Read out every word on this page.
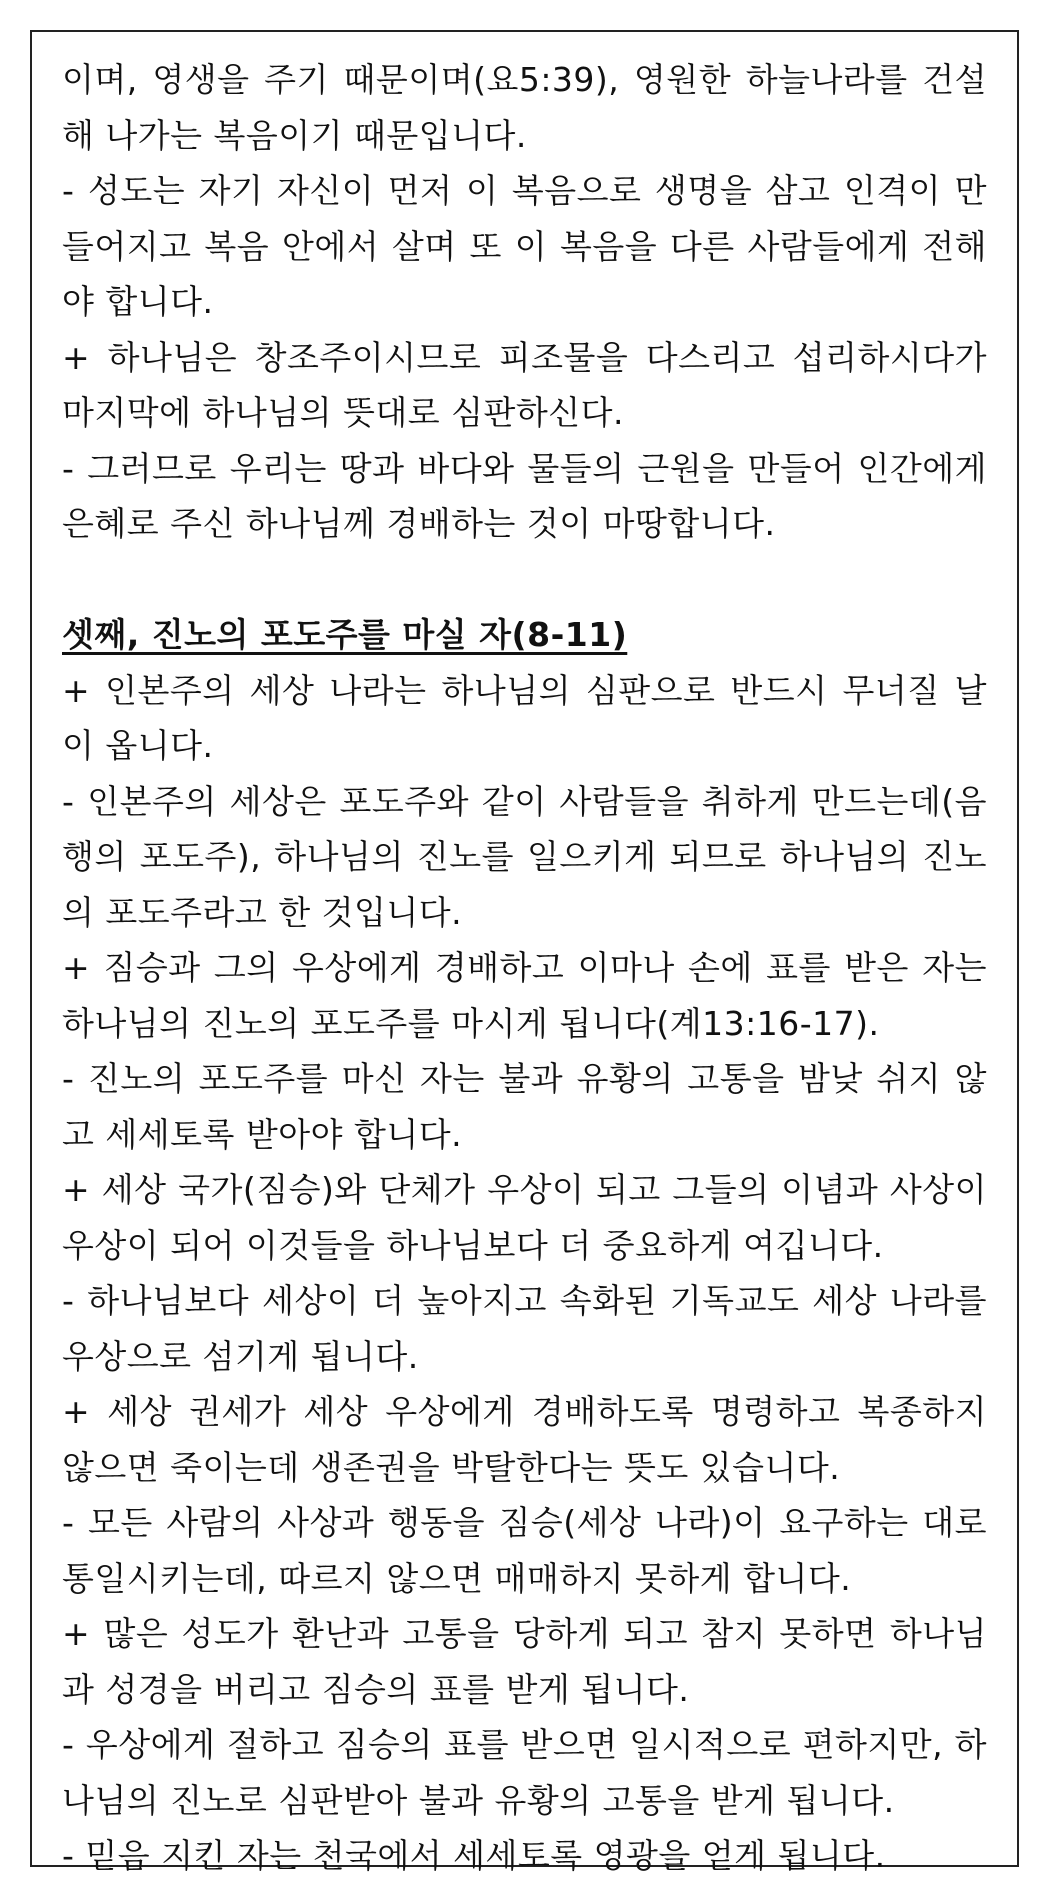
이며, 영생을 주기 때문이며(요5:39), 영원한 하늘나라를 건설해 나가는 복음이기 때문입니다.

- 성도는 자기 자신이 먼저 이 복음으로 생명을 삼고 인격이 만들어지고 복음 안에서 살며 또 이 복음을 다른 사람들에게 전해야 합니다.

+ 하나님은 창조주이시므로 피조물을 다스리고 섭리하시다가 마지막에 하나님의 뜻대로 심판하신다.

- 그러므로 우리는 땅과 바다와 물들의 근원을 만들어 인간에게 은혜로 주신 하나님께 경배하는 것이 마땅합니다.

셋째, 진노의 포도주를 마실 자(8-11)

+ 인본주의 세상 나라는 하나님의 심판으로 반드시 무너질 날이 옵니다.

- 인본주의 세상은 포도주와 같이 사람들을 취하게 만드는데(음행의 포도주), 하나님의 진노를 일으키게 되므로 하나님의 진노의 포도주라고 한 것입니다.

+ 짐승과 그의 우상에게 경배하고 이마나 손에 표를 받은 자는 하나님의 진노의 포도주를 마시게 됩니다(계13:16-17).

- 진노의 포도주를 마신 자는 불과 유황의 고통을 밤낮 쉬지 않고 세세토록 받아야 합니다.

+ 세상 국가(짐승)와 단체가 우상이 되고 그들의 이념과 사상이 우상이 되어 이것들을 하나님보다 더 중요하게 여깁니다.

- 하나님보다 세상이 더 높아지고 속화된 기독교도 세상 나라를 우상으로 섬기게 됩니다.

+ 세상 권세가 세상 우상에게 경배하도록 명령하고 복종하지 않으면 죽이는데 생존권을 박탈한다는 뜻도 있습니다.

- 모든 사람의 사상과 행동을 짐승(세상 나라)이 요구하는 대로 통일시키는데, 따르지 않으면 매매하지 못하게 합니다.

+ 많은 성도가 환난과 고통을 당하게 되고 참지 못하면 하나님과 성경을 버리고 짐승의 표를 받게 됩니다.

- 우상에게 절하고 짐승의 표를 받으면 일시적으로 편하지만, 하나님의 진노로 심판받아 불과 유황의 고통을 받게 됩니다.

- 믿음 지킨 자는 천국에서 세세토록 영광을 얻게 됩니다.
